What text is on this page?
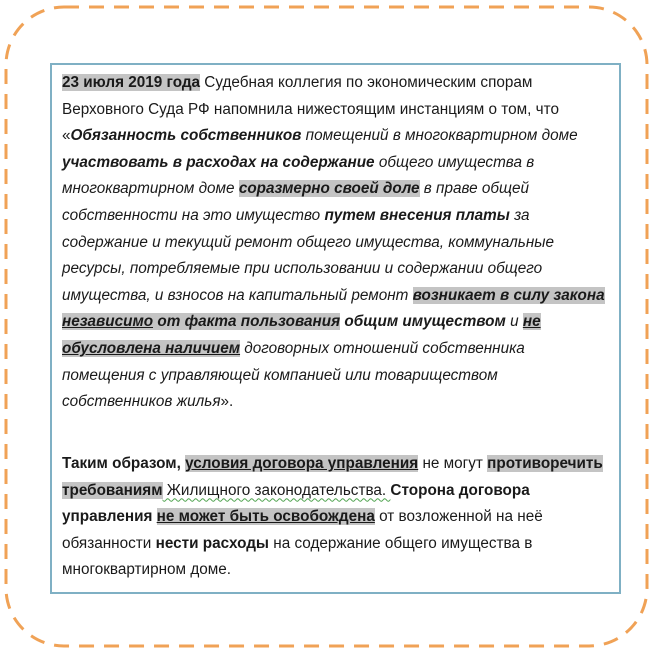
23 июля 2019 года Судебная коллегия по экономическим спорам Верховного Суда РФ напомнила нижестоящим инстанциям о том, что «Обязанность собственников помещений в многоквартирном доме участвовать в расходах на содержание общего имущества в многоквартирном доме соразмерно своей доле в праве общей собственности на это имущество путем внесения платы за содержание и текущий ремонт общего имущества, коммунальные ресурсы, потребляемые при использовании и содержании общего имущества, и взносов на капитальный ремонт возникает в силу закона независимо от факта пользования общим имуществом и не обусловлена наличием договорных отношений собственника помещения с управляющей компанией или товариществом собственников жилья».

Таким образом, условия договора управления не могут противоречить требованиям Жилищного законодательства. Сторона договора управления не может быть освобождена от возложенной на неё обязанности нести расходы на содержание общего имущества в многоквартирном доме.
